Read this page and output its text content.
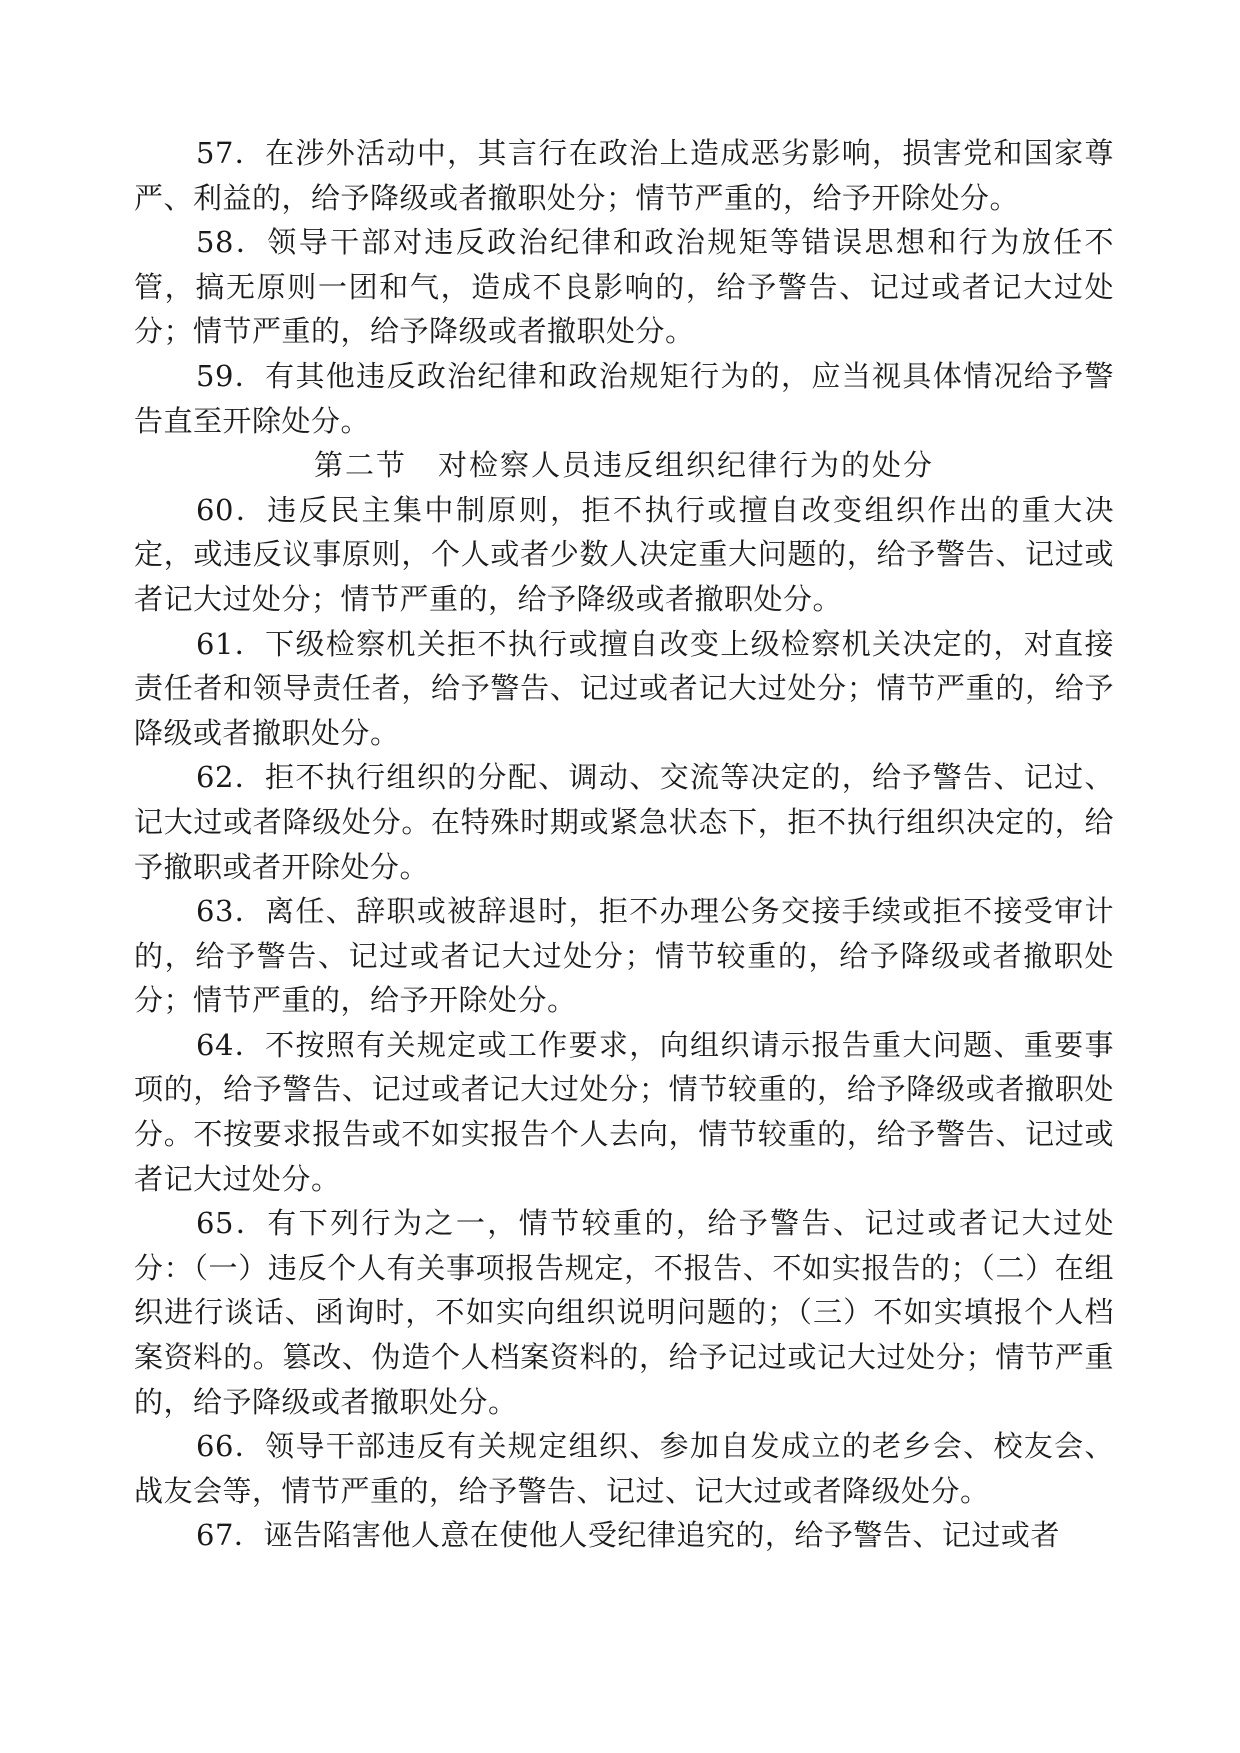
57．在涉外活动中，其言行在政治上造成恶劣影响，损害党和国家尊严、利益的，给予降级或者撤职处分；情节严重的，给予开除处分。

58．领导干部对违反政治纪律和政治规矩等错误思想和行为放任不管，搞无原则一团和气，造成不良影响的，给予警告、记过或者记大过处分；情节严重的，给予降级或者撤职处分。

59．有其他违反政治纪律和政治规矩行为的，应当视具体情况给予警告直至开除处分。

第二节　对检察人员违反组织纪律行为的处分

60．违反民主集中制原则，拒不执行或擅自改变组织作出的重大决定，或违反议事原则，个人或者少数人决定重大问题的，给予警告、记过或者记大过处分；情节严重的，给予降级或者撤职处分。

61．下级检察机关拒不执行或擅自改变上级检察机关决定的，对直接责任者和领导责任者，给予警告、记过或者记大过处分；情节严重的，给予降级或者撤职处分。

62．拒不执行组织的分配、调动、交流等决定的，给予警告、记过、记大过或者降级处分。在特殊时期或紧急状态下，拒不执行组织决定的，给予撤职或者开除处分。

63．离任、辞职或被辞退时，拒不办理公务交接手续或拒不接受审计的，给予警告、记过或者记大过处分；情节较重的，给予降级或者撤职处分；情节严重的，给予开除处分。

64．不按照有关规定或工作要求，向组织请示报告重大问题、重要事项的，给予警告、记过或者记大过处分；情节较重的，给予降级或者撤职处分。不按要求报告或不如实报告个人去向，情节较重的，给予警告、记过或者记大过处分。

65．有下列行为之一，情节较重的，给予警告、记过或者记大过处分：（一）违反个人有关事项报告规定，不报告、不如实报告的；（二）在组织进行谈话、函询时，不如实向组织说明问题的；（三）不如实填报个人档案资料的。篡改、伪造个人档案资料的，给予记过或记大过处分；情节严重的，给予降级或者撤职处分。

66．领导干部违反有关规定组织、参加自发成立的老乡会、校友会、战友会等，情节严重的，给予警告、记过、记大过或者降级处分。

67．诬告陷害他人意在使他人受纪律追究的，给予警告、记过或者
